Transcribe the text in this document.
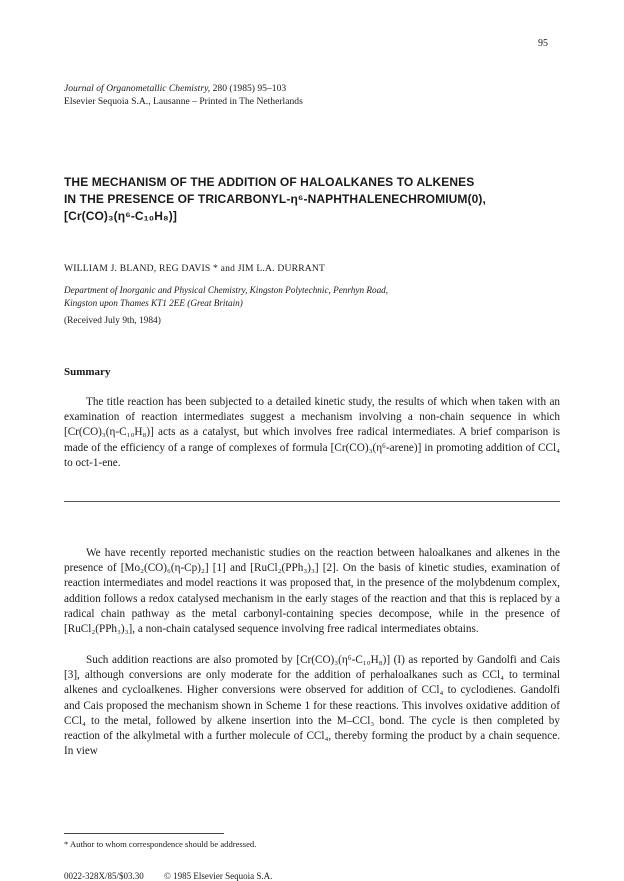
95
Journal of Organometallic Chemistry, 280 (1985) 95–103
Elsevier Sequoia S.A., Lausanne – Printed in The Netherlands
THE MECHANISM OF THE ADDITION OF HALOALKANES TO ALKENES
IN THE PRESENCE OF TRICARBONYL-η⁶-NAPHTHALENECHROMIUM(0),
[Cr(CO)₃(η⁶-C₁₀H₈)]
WILLIAM J. BLAND, REG DAVIS * and JIM L.A. DURRANT
Department of Inorganic and Physical Chemistry, Kingston Polytechnic, Penrhyn Road,
Kingston upon Thames KT1 2EE (Great Britain)
(Received July 9th, 1984)
Summary

The title reaction has been subjected to a detailed kinetic study, the results of which when taken with an examination of reaction intermediates suggest a mechanism involving a non-chain sequence in which [Cr(CO)₃(η-C₁₀H₈)] acts as a catalyst, but which involves free radical intermediates. A brief comparison is made of the efficiency of a range of complexes of formula [Cr(CO)₃(η⁶-arene)] in promoting addition of CCl₄ to oct-1-ene.

We have recently reported mechanistic studies on the reaction between haloalkanes and alkenes in the presence of [Mo₂(CO)₆(η-Cp)₂] [1] and [RuCl₂(PPh₃)₃] [2]. On the basis of kinetic studies, examination of reaction intermediates and model reactions it was proposed that, in the presence of the molybdenum complex, addition follows a redox catalysed mechanism in the early stages of the reaction and that this is replaced by a radical chain pathway as the metal carbonyl-containing species decompose, while in the presence of [RuCl₂(PPh₃)₃], a non-chain catalysed sequence involving free radical intermediates obtains.

Such addition reactions are also promoted by [Cr(CO)₃(η⁶-C₁₀H₈)] (I) as reported by Gandolfi and Cais [3], although conversions are only moderate for the addition of perhaloalkanes such as CCl₄ to terminal alkenes and cycloalkenes. Higher conversions were observed for addition of CCl₄ to cyclodienes. Gandolfi and Cais proposed the mechanism shown in Scheme 1 for these reactions. This involves oxidative addition of CCl₄ to the metal, followed by alkene insertion into the M–CCl₃ bond. The cycle is then completed by reaction of the alkylmetal with a further molecule of CCl₄, thereby forming the product by a chain sequence. In view

* Author to whom correspondence should be addressed.
0022-328X/85/$03.30 © 1985 Elsevier Sequoia S.A.
